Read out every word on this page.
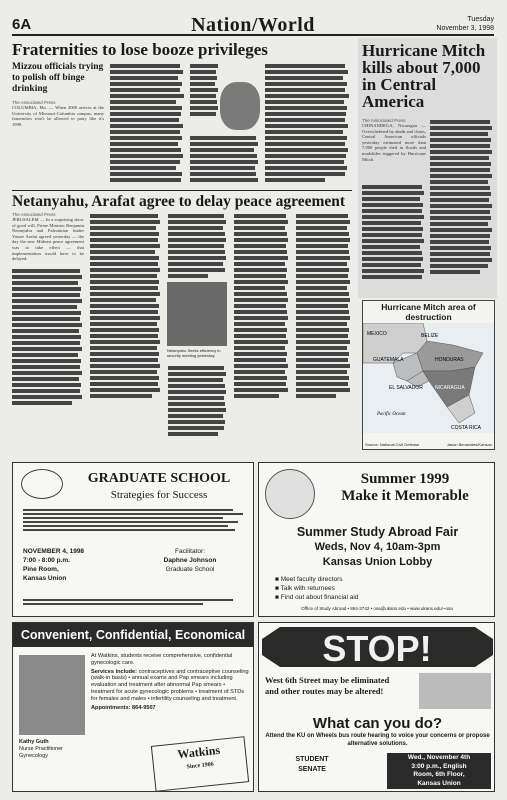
6A	Nation/World	Tuesday
November 3, 1998
Fraternities to lose booze privileges
Mizzou officials trying to polish off binge drinking
The Associated Press
COLUMBIA, Mo. — When 2000 arrives at the University of Missouri-Columbia campus, many fraternities won't be allowed to party like it's 1999.
Hurricane Mitch kills about 7,000 in Central America
The Associated Press
CHINANDEGA, Nicaragua — Overwhelmed by death and chaos, Central American officials yesterday estimated more than 7,000 people died in floods and mudslides triggered by Hurricane Mitch.
Netanyahu, Arafat agree to delay peace agreement
The Associated Press
JERUSALEM — In a surprising show of good will, Prime Minister Benjamin Netanyahu and Palestinian leader Yasser Arafat agreed yesterday — the day the new Mideast peace agreement was to take effect — that implementation would have to be delayed.
Netanyahu Seeks efficiency in security meeting yesterday.
Hurricane Mitch area of destruction
MEXICO	BELIZE
GUATEMALA	HONDURAS
EL SALVADOR NICARAGUA
COSTA RICA
Pacific Ocean
Source: National Civil Defense	Jason Benavides/Kansan
GRADUATE SCHOOL
Strategies for Success
NOVEMBER 4, 1998
7:00 - 8:00 p.m.
Pine Room,
Kansas Union
Facilitator:
Daphne Johnson
Graduate School
Summer 1999
Make it Memorable
Summer Study Abroad Fair
Weds, Nov 4, 10am-3pm
Kansas Union Lobby
■ Meet faculty directors
■ Talk with returnees
■ Find out about financial aid
Office of Study Abroad • 864-3742 • osa@ukans.edu • www.ukans.edu/~osa
Convenient, Confidential, Economical
Kathy Guth
Nurse Practitioner Gynecology
At Watkins, students receive comprehensive, confidential gynecologic care.
Services include: contraceptives and contraceptive counseling (walk-in basis) • annual exams and Pap smears including evaluation and treatment after abnormal Pap smears • treatment for acute gynecologic problems • treatment of STDs for females and males • infertility counseling and treatment.
Appointments: 864-9507
Watkins
Since 1906
STOP!
West 6th Street may be eliminated
and other routes may be altered!
What can you do?
Attend the KU on Wheels bus route hearing to voice your concerns or propose alternative solutions.
STUDENT
SENATE
Wed., November 4th
3:00 p.m., English
Room, 6th Floor,
Kansas Union
